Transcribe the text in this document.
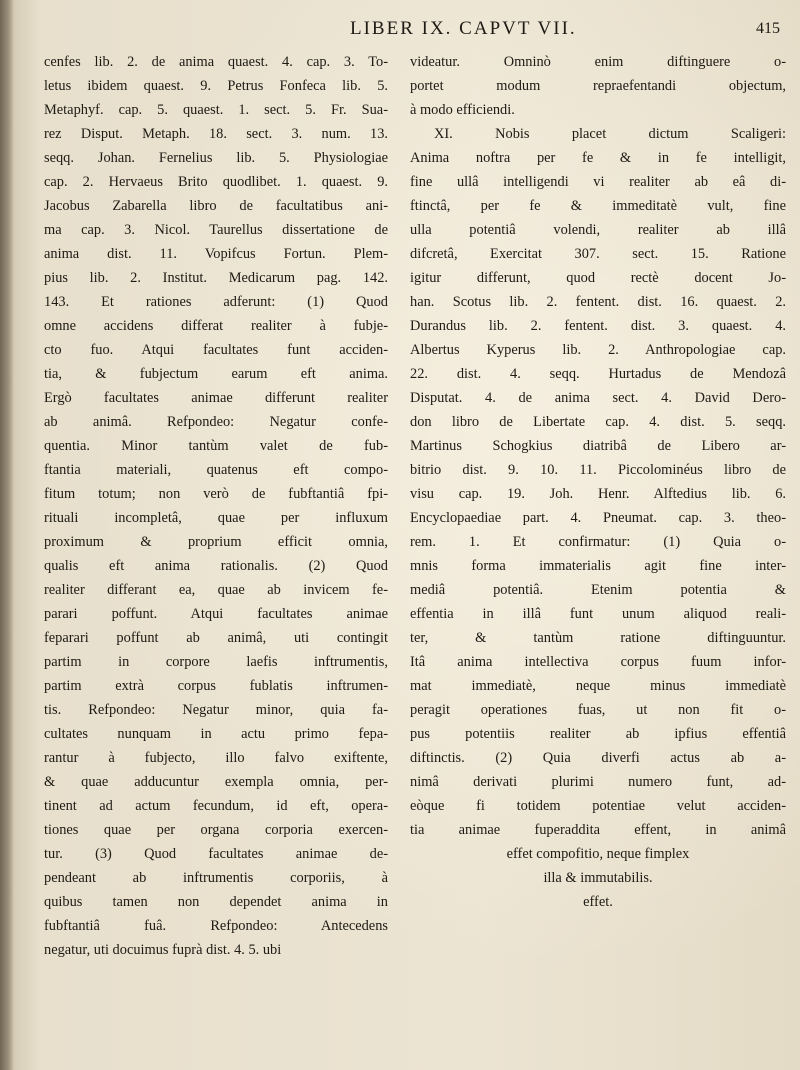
LIBER IX. CAPVT VII.	415
cenfes lib. 2. de anima quaest. 4. cap. 3. To-
letus ibidem quaest. 9. Petrus Fonfeca lib. 5.
Metaphyf. cap. 5. quaest. 1. sect. 5. Fr. Sua-
rez Disput. Metaph. 18. sect. 3. num. 13.
seqq. Johan. Fernelius lib. 5. Physiologiae
cap. 2. Hervaeus Brito quodlibet. 1. quaest. 9.
Jacobus Zabarella libro de facultatibus ani-
ma cap. 3. Nicol. Taurellus dissertatione de
anima dist. 11. Vopifcus Fortun. Plem-
pius lib. 2. Institut. Medicarum pag. 142.
143. Et rationes adferunt: (1) Quod
omne accidens differat realiter à fubje-
cto fuo. Atqui facultates funt acciden-
tia, & fubjectum earum eft anima.
Ergò facultates animae differunt realiter
ab animâ. Refpondeo: Negatur confe-
quentia. Minor tantùm valet de fub-
ftantia materiali, quatenus eft compo-
fitum totum; non verò de fubftantiâ fpi-
rituali incompletâ, quae per influxum
proximum & proprium efficit omnia,
qualis eft anima rationalis. (2) Quod
realiter differant ea, quae ab invicem fe-
parari poffunt. Atqui facultates animae
feparari poffunt ab animâ, uti contingit
partim in corpore laefis inftrumentis,
partim extrà corpus fublatis inftrumen-
tis. Refpondeo: Negatur minor, quia fa-
cultates nunquam in actu primo fepa-
rantur à fubjecto, illo falvo exiftente,
& quae adducuntur exempla omnia, per-
tinent ad actum fecundum, id eft, opera-
tiones quae per organa corporia exercen-
tur. (3) Quod facultates animae de-
pendeant ab inftrumentis corporiis, à
quibus tamen non dependet anima in
fubftantiâ fuâ. Refpondeo: Antecedens
negatur, uti docuimus fuprà dist. 4. 5. ubi
videatur. Omninò enim diftinguere o-
portet modum repraefentandi objectum,
à modo efficiendi.
XI. Nobis placet dictum Scaligeri:
Anima noftra per fe & in fe intelligit,
fine ullâ intelligendi vi realiter ab eâ di-
ftinctâ, per fe & immeditatè vult, fine
ulla potentiâ volendi, realiter ab illâ
difcretâ, Exercitat 307. sect. 15. Ratione
igitur differunt, quod rectè docent Jo-
han. Scotus lib. 2. fentent. dist. 16. quaest. 2.
Durandus lib. 2. fentent. dist. 3. quaest. 4.
Albertus Kyperus lib. 2. Anthropologiae cap.
22. dist. 4. seqq. Hurtadus de Mendozâ
Disputat. 4. de anima sect. 4. David Dero-
don libro de Libertate cap. 4. dist. 5. seqq.
Martinus Schogkius diatribâ de Libero ar-
bitrio dist. 9. 10. 11. Piccolominéus libro de
visu cap. 19. Joh. Henr. Alftedius lib. 6.
Encyclopaediae part. 4. Pneumat. cap. 3. theo-
rem. 1. Et confirmatur: (1) Quia o-
mnis forma immaterialis agit fine inter-
mediâ potentiâ. Etenim potentia &
effentia in illâ funt unum aliquod reali-
ter, & tantùm ratione diftinguuntur.
Itâ anima intellectiva corpus fuum infor-
mat immediatè, neque minus immediatè
peragit operationes fuas, ut non fit o-
pus potentiis realiter ab ipfius effentiâ
diftinctis. (2) Quia diverfi actus ab a-
nimâ derivati plurimi numero funt, ad-
eòque fi totidem potentiae velut acciden-
tia animae fuperaddita effent, in animâ
effet compofitio, neque fimplex
illa & immutabilis.
effet.
